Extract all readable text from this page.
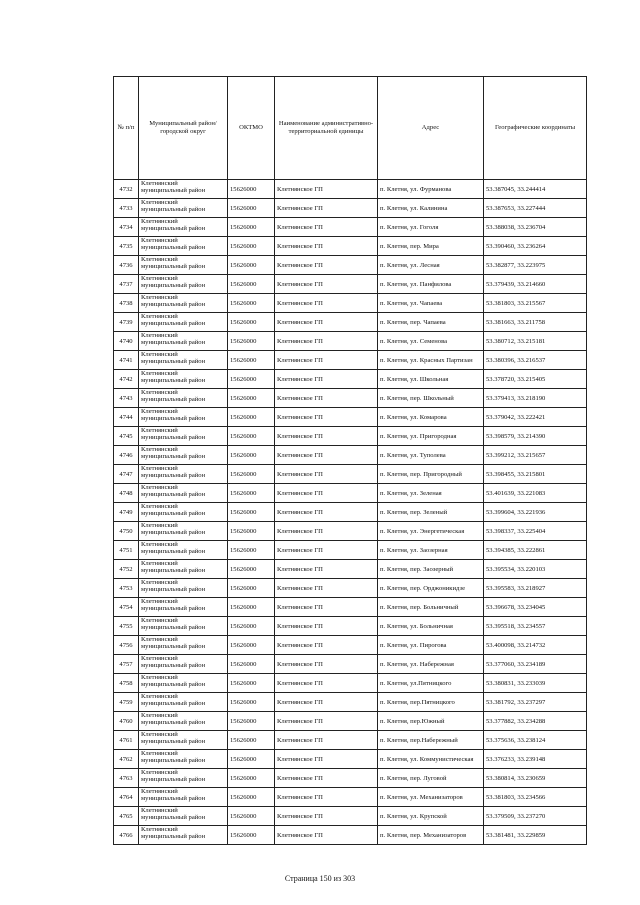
№ п/п	Муниципальный район/городской округ	ОКТМО	Наименование административно-территориальной единицы	Адрес	Географические координаты
4732	Клетнянский
муниципальный район	15626000	Клетнянское ГП	п. Клетня, ул. Фурманова	53.387045, 33.244414
4733	Клетнянский
муниципальный район	15626000	Клетнянское ГП	п. Клетня, ул. Калинина	53.387653, 33.227444
4734	Клетнянский
муниципальный район	15626000	Клетнянское ГП	п. Клетня, ул. Гоголя	53.388038, 33.236704
4735	Клетнянский
муниципальный район	15626000	Клетнянское ГП	п. Клетня, пер. Мира	53.390460, 33.236264
4736	Клетнянский
муниципальный район	15626000	Клетнянское ГП	п. Клетня, ул. Лесная	53.382877, 33.223975
4737	Клетнянский
муниципальный район	15626000	Клетнянское ГП	п. Клетня, ул. Панфилова	53.379439, 33.214660
4738	Клетнянский
муниципальный район	15626000	Клетнянское ГП	п. Клетня, ул. Чапаева	53.381803, 33.215567
4739	Клетнянский
муниципальный район	15626000	Клетнянское ГП	п. Клетня, пер. Чапаева	53.381663, 33.211758
4740	Клетнянский
муниципальный район	15626000	Клетнянское ГП	п. Клетня, ул. Семенова	53.380712, 33.215181
4741	Клетнянский
муниципальный район	15626000	Клетнянское ГП	п. Клетня, ул. Красных Партизан	53.380396, 33.216537
4742	Клетнянский
муниципальный район	15626000	Клетнянское ГП	п. Клетня, ул. Школьная	53.378720, 33.215405
4743	Клетнянский
муниципальный район	15626000	Клетнянское ГП	п. Клетня, пер. Школьный	53.379413, 33.218190
4744	Клетнянский
муниципальный район	15626000	Клетнянское ГП	п. Клетня, ул. Комарова	53.379042, 33.222421
4745	Клетнянский
муниципальный район	15626000	Клетнянское ГП	п. Клетня, ул. Пригородная	53.398579, 33.214390
4746	Клетнянский
муниципальный район	15626000	Клетнянское ГП	п. Клетня, ул. Туполева	53.399212, 33.215657
4747	Клетнянский
муниципальный район	15626000	Клетнянское ГП	п. Клетня, пер. Пригородный	53.398455, 33.215801
4748	Клетнянский
муниципальный район	15626000	Клетнянское ГП	п. Клетня, ул. Зеленая	53.401639, 33.221083
4749	Клетнянский
муниципальный район	15626000	Клетнянское ГП	п. Клетня, пер. Зеленый	53.399604, 33.221936
4750	Клетнянский
муниципальный район	15626000	Клетнянское ГП	п. Клетня, ул. Энергетическая	53.398337, 33.225404
4751	Клетнянский
муниципальный район	15626000	Клетнянское ГП	п. Клетня, ул. Заозерная	53.394385, 33.222861
4752	Клетнянский
муниципальный район	15626000	Клетнянское ГП	п. Клетня, пер. Заозерный	53.395534, 33.220103
4753	Клетнянский
муниципальный район	15626000	Клетнянское ГП	п. Клетня, пер. Орджоникидзе	53.395583, 33.218927
4754	Клетнянский
муниципальный район	15626000	Клетнянское ГП	п. Клетня, пер. Больничный	53.396678, 33.234045
4755	Клетнянский
муниципальный район	15626000	Клетнянское ГП	п. Клетня, ул. Больничная	53.395518, 33.234557
4756	Клетнянский
муниципальный район	15626000	Клетнянское ГП	п. Клетня, ул. Пирогова	53.400098, 33.214732
4757	Клетнянский
муниципальный район	15626000	Клетнянское ГП	п. Клетня, ул. Набережная	53.377060, 33.234189
4758	Клетнянский
муниципальный район	15626000	Клетнянское ГП	п. Клетня, ул.Пятницкого	53.380831, 33.233039
4759	Клетнянский
муниципальный район	15626000	Клетнянское ГП	п. Клетня, пер.Пятницкого	53.381792, 33.237297
4760	Клетнянский
муниципальный район	15626000	Клетнянское ГП	п. Клетня, пер.Южный	53.377882, 33.234288
4761	Клетнянский
муниципальный район	15626000	Клетнянское ГП	п. Клетня, пер.Набережный	53.375636, 33.238124
4762	Клетнянский
муниципальный район	15626000	Клетнянское ГП	п. Клетня, ул. Коммунистическая	53.376233, 33.239148
4763	Клетнянский
муниципальный район	15626000	Клетнянское ГП	п. Клетня, пер. Луговой	53.380814, 33.230659
4764	Клетнянский
муниципальный район	15626000	Клетнянское ГП	п. Клетня, ул. Механизаторов	53.381803, 33.234566
4765	Клетнянский
муниципальный район	15626000	Клетнянское ГП	п. Клетня, ул. Крупской	53.379509, 33.237270
4766	Клетнянский
муниципальный район	15626000	Клетнянское ГП	п. Клетня, пер. Механизаторов	53.381481, 33.229859
Страница 150 из 303
